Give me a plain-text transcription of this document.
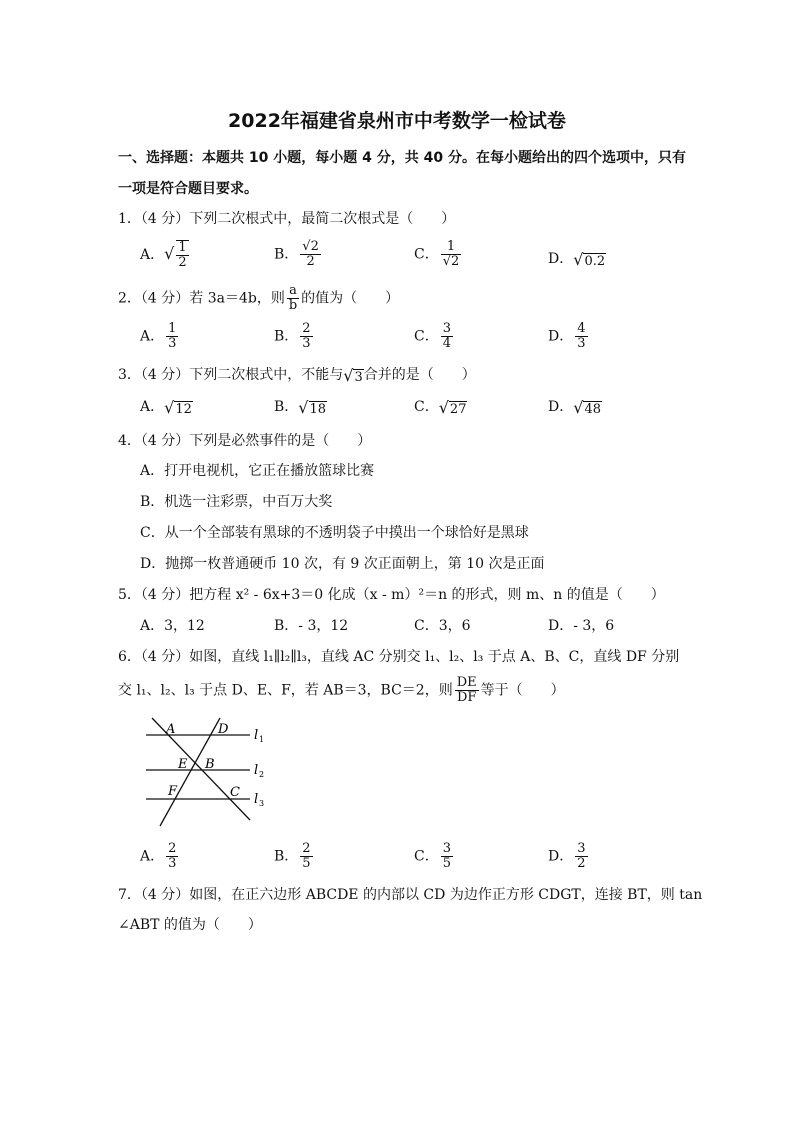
2022年福建省泉州市中考数学一检试卷
一、选择题：本题共 10 小题，每小题 4 分，共 40 分。在每小题给出的四个选项中，只有
一项是符合题目要求。
1．（4 分）下列二次根式中，最简二次根式是（　　）
A．√ $\frac{1}{2}$	B． $\frac{√2}{2}$	C． $\frac{1}{√2}$	D．√0.2
2．（4 分）若 3a＝4b，则 $\frac{a}{b}$ 的值为（　　）
A． $\frac{1}{3}$	B． $\frac{2}{3}$	C． $\frac{3}{4}$	D． $\frac{4}{3}$
3．（4 分）下列二次根式中，不能与√3合并的是（　　）
A．√12	B．√18	C．√27	D．√48
4．（4 分）下列是必然事件的是（　　）
A．打开电视机，它正在播放篮球比赛
B．机选一注彩票，中百万大奖
C．从一个全部装有黑球的不透明袋子中摸出一个球恰好是黑球
D．抛掷一枚普通硬币 10 次，有 9 次正面朝上，第 10 次是正面
5．（4 分）把方程 x² - 6x+3＝0 化成（x - m）²＝n 的形式，则 m、n 的值是（　　）
A．3，12	B．- 3，12	C．3，6	D．- 3，6
6．（4 分）如图，直线 l₁∥l₂∥l₃，直线 AC 分别交 l₁、l₂、l₃ 于点 A、B、C，直线 DF 分别
交 l₁、l₂、l₃ 于点 D、E、F，若 AB＝3，BC＝2，则 $\frac{DE}{DF}$ 等于（　　）
A	D
E B
F	C
l 1
l 2
l 3
A． $\frac{2}{3}$	B． $\frac{2}{5}$	C． $\frac{3}{5}$	D． $\frac{3}{2}$
7．（4 分）如图，在正六边形 ABCDE 的内部以 CD 为边作正方形 CDGT，连接 BT，则 tan
∠ABT 的值为（　　）
